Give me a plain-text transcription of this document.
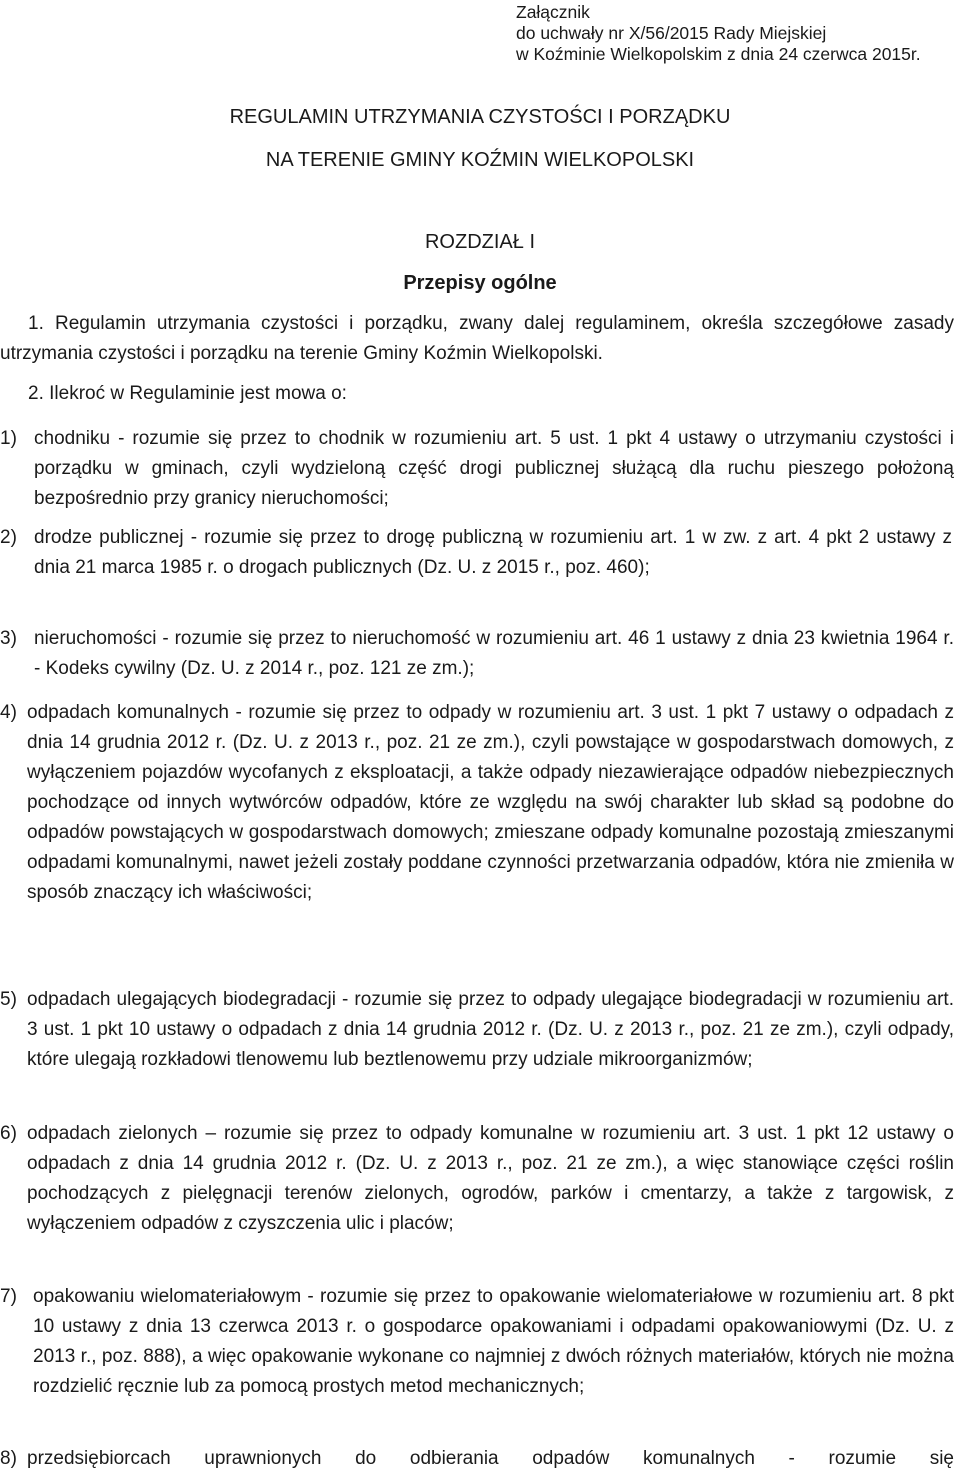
Załącznik
do uchwały nr X/56/2015 Rady Miejskiej
w Koźminie Wielkopolskim z dnia 24 czerwca 2015r.
REGULAMIN UTRZYMANIA CZYSTOŚCI I PORZĄDKU
NA TERENIE GMINY KOŹMIN WIELKOPOLSKI
ROZDZIAŁ I
Przepisy ogólne
1. Regulamin utrzymania czystości i porządku, zwany dalej regulaminem, określa szczegółowe zasady utrzymania czystości i porządku na terenie Gminy Koźmin Wielkopolski.
2. Ilekroć w Regulaminie jest mowa o:
1) chodniku - rozumie się przez to chodnik w rozumieniu art. 5 ust. 1 pkt 4 ustawy o utrzymaniu czystości i porządku w gminach, czyli wydzieloną część drogi publicznej służącą dla ruchu pieszego położoną bezpośrednio przy granicy nieruchomości;
2) drodze publicznej - rozumie się przez to drogę publiczną w rozumieniu art. 1 w zw. z art. 4 pkt 2 ustawy z dnia 21 marca 1985 r. o drogach publicznych (Dz. U. z 2015 r., poz. 460);
3) nieruchomości - rozumie się przez to nieruchomość w rozumieniu art. 46 1 ustawy z dnia 23 kwietnia 1964 r. - Kodeks cywilny (Dz. U. z 2014 r., poz. 121 ze zm.);
4) odpadach komunalnych - rozumie się przez to odpady w rozumieniu art. 3 ust. 1 pkt 7 ustawy o odpadach z dnia 14 grudnia 2012 r. (Dz. U. z 2013 r., poz. 21 ze zm.), czyli powstające w gospodarstwach domowych, z wyłączeniem pojazdów wycofanych z eksploatacji, a także odpady niezawierające odpadów niebezpiecznych pochodzące od innych wytwórców odpadów, które ze względu na swój charakter lub skład są podobne do odpadów powstających w gospodarstwach domowych; zmieszane odpady komunalne pozostają zmieszanymi odpadami komunalnymi, nawet jeżeli zostały poddane czynności przetwarzania odpadów, która nie zmieniła w sposób znaczący ich właściwości;
5) odpadach ulegających biodegradacji - rozumie się przez to odpady ulegające biodegradacji w rozumieniu art. 3 ust. 1 pkt 10 ustawy o odpadach z dnia 14 grudnia 2012 r. (Dz. U. z 2013 r., poz. 21 ze zm.), czyli odpady, które ulegają rozkładowi tlenowemu lub beztlenowemu przy udziale mikroorganizmów;
6) odpadach zielonych – rozumie się przez to odpady komunalne w rozumieniu art. 3 ust. 1 pkt 12 ustawy o odpadach z dnia 14 grudnia 2012 r. (Dz. U. z 2013 r., poz. 21 ze zm.), a więc stanowiące części roślin pochodzących z pielęgnacji terenów zielonych, ogrodów, parków i cmentarzy, a także z targowisk, z wyłączeniem odpadów z czyszczenia ulic i placów;
7) opakowaniu wielomateriałowym - rozumie się przez to opakowanie wielomateriałowe w rozumieniu art. 8 pkt 10 ustawy z dnia 13 czerwca 2013 r. o gospodarce opakowaniami i odpadami opakowaniowymi (Dz. U. z 2013 r., poz. 888), a więc opakowanie wykonane co najmniej z dwóch różnych materiałów, których nie można rozdzielić ręcznie lub za pomocą prostych metod mechanicznych;
8) przedsiębiorcach uprawnionych do odbierania odpadów komunalnych - rozumie się
